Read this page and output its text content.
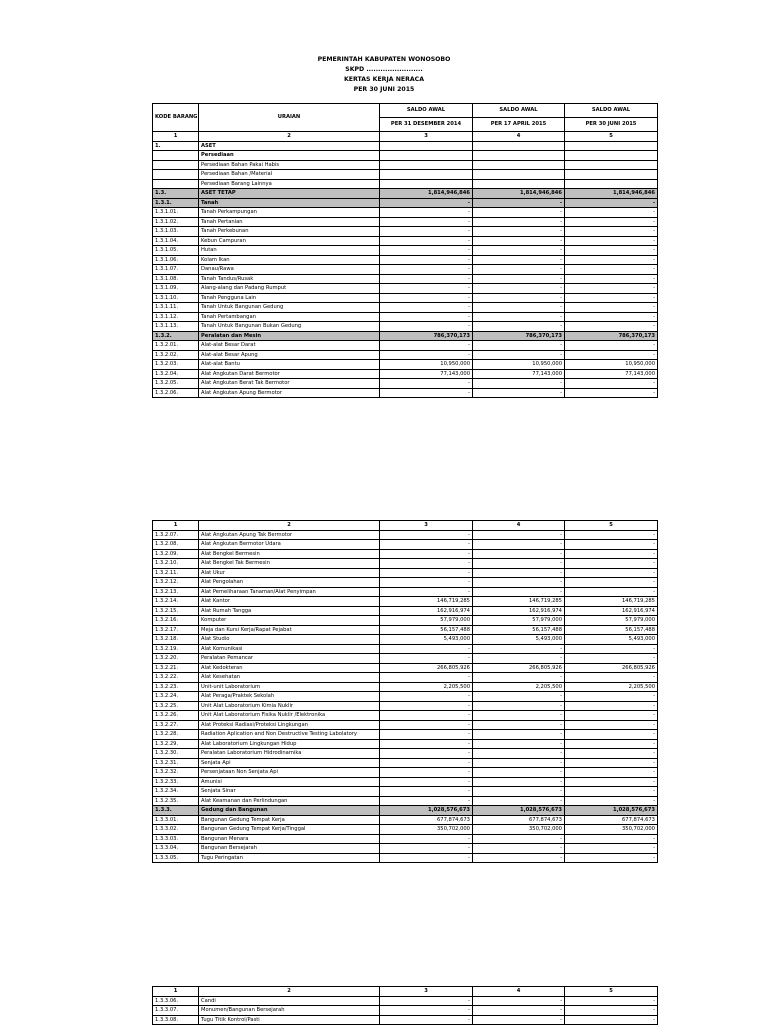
PEMERINTAH KABUPATEN WONOSOBO
SKPD ........................
KERTAS KERJA NERACA
PER 30 JUNI 2015
KODE BARANG	URAIAN	SALDO AWAL	SALDO AWAL	SALDO AWAL
		PER 31 DESEMBER 2014	PER 17 APRIL 2015	PER 30 JUNI 2015
1	2	3	4	5
1.	ASET			
	Persediaan			
	Persediaan Bahan Pakai Habis			
	Persediaan Bahan /Material			
	Persediaan Barang Lainnya			
1.3.	ASET TETAP	1,814,946,846	1,814,946,846	1,814,946,846
1.3.1.	Tanah	-	-	-
1.3.1.01.	Tanah Perkampungan	-	-	-
1.3.1.02.	Tanah Pertanian	-	-	-
1.3.1.03.	Tanah Perkebunan	-	-	-
1.3.1.04.	Kebun Campuran	-	-	-
1.3.1.05.	Hutan	-	-	-
1.3.1.06.	Kolam Ikan	-	-	-
1.3.1.07.	Danau/Rawa	-	-	-
1.3.1.08.	Tanah Tandus/Rusak	-	-	-
1.3.1.09.	Alang-alang dan Padang Rumput	-	-	-
1.3.1.10.	Tanah Pengguna Lain	-	-	-
1.3.1.11.	Tanah Untuk Bangunan Gedung	-	-	-
1.3.1.12.	Tanah Pertambangan	-	-	-
1.3.1.13.	Tanah Untuk Bangunan Bukan Gedung	-	-	-
1.3.2.	Peralatan dan Mesin	786,370,173	786,370,173	786,370,173
1.3.2.01.	Alat-alat Besar Darat	-	-	-
1.3.2.02.	Alat-alat Besar Apung	-	-	-
1.3.2.03.	Alat-alat Bantu	10,950,000	10,950,000	10,950,000
1.3.2.04.	Alat Angkutan Darat Bermotor	77,143,000	77,143,000	77,143,000
1.3.2.05.	Alat Angkutan Berat Tak Bermotor	-	-	-
1.3.2.06.	Alat Angkutan Apung Bermotor	-	-	-
1	2	3	4	5
1.3.2.07.	Alat Angkutan Apung Tak Bermotor	-	-	-
1.3.2.08.	Alat Angkutan Bermotor Udara	-	-	-
1.3.2.09.	Alat Bengkel Bermesin	-	-	-
1.3.2.10.	Alat Bengkel Tak Bermesin	-	-	-
1.3.2.11.	Alat Ukur	-	-	-
1.3.2.12.	Alat Pengolahan	-	-	-
1.3.2.13.	Alat Pemeliharaan Tanaman/Alat Penyimpan	-	-	-
1.3.2.14.	Alat Kantor	146,719,285	146,719,285	146,719,285
1.3.2.15.	Alat Rumah Tangga	162,916,974	162,916,974	162,916,974
1.3.2.16.	Komputer	57,979,000	57,979,000	57,979,000
1.3.2.17.	Meja dan Kursi Kerja/Rapat Pejabat	56,157,488	56,157,488	56,157,488
1.3.2.18.	Alat Studio	5,493,000	5,493,000	5,493,000
1.3.2.19.	Alat Komunikasi	-	-	-
1.3.2.20.	Peralatan Pemancar	-	-	-
1.3.2.21.	Alat Kedokteran	266,805,926	266,805,926	266,805,926
1.3.2.22.	Alat Kesehatan	-	-	-
1.3.2.23.	Unit-unit Laboratorium	2,205,500	2,205,500	2,205,500
1.3.2.24.	Alat Peraga/Praktek Sekolah	-	-	-
1.3.2.25.	Unit Alat Laboratorium Kimia Nuklir	-	-	-
1.3.2.26.	Unit Alat Laboratorium Fisika Nuklir /Elektronika	-	-	-
1.3.2.27.	Alat Proteksi Radiasi/Proteksi Lingkungan	-	-	-
1.3.2.28.	Radiation Aplication and Non Destructive Testing Labolatory	-	-	-
1.3.2.29.	Alat Laboratorium Lingkungan Hidup	-	-	-
1.3.2.30.	Peralatan Laboratorium Hidrodinamika	-	-	-
1.3.2.31.	Senjata Api	-	-	-
1.3.2.32.	Persenjataan Non Senjata Api	-	-	-
1.3.2.33.	Amunisi	-	-	-
1.3.2.34.	Senjata Sinar	-	-	-
1.3.2.35.	Alat Keamanan dan Perlindungan	-	-	-
1.3.3.	Gedung dan Bangunan	1,028,576,673	1,028,576,673	1,028,576,673
1.3.3.01.	Bangunan Gedung Tempat Kerja	677,874,673	677,874,673	677,874,673
1.3.3.02.	Bangunan Gedung Tempat Kerja/Tinggal	350,702,000	350,702,000	350,702,000
1.3.3.03.	Bangunan Menara	-	-	-
1.3.3.04.	Bangunan Bersejarah	-	-	-
1.3.3.05.	Tugu Peringatan	-	-	-
1	2	3	4	5
1.3.3.06.	Candi	-	-	-
1.3.3.07.	Monumen/Bangunan Bersejarah	-	-	-
1.3.3.08.	Tugu Titik Kontrol/Pasti	-	-	-
